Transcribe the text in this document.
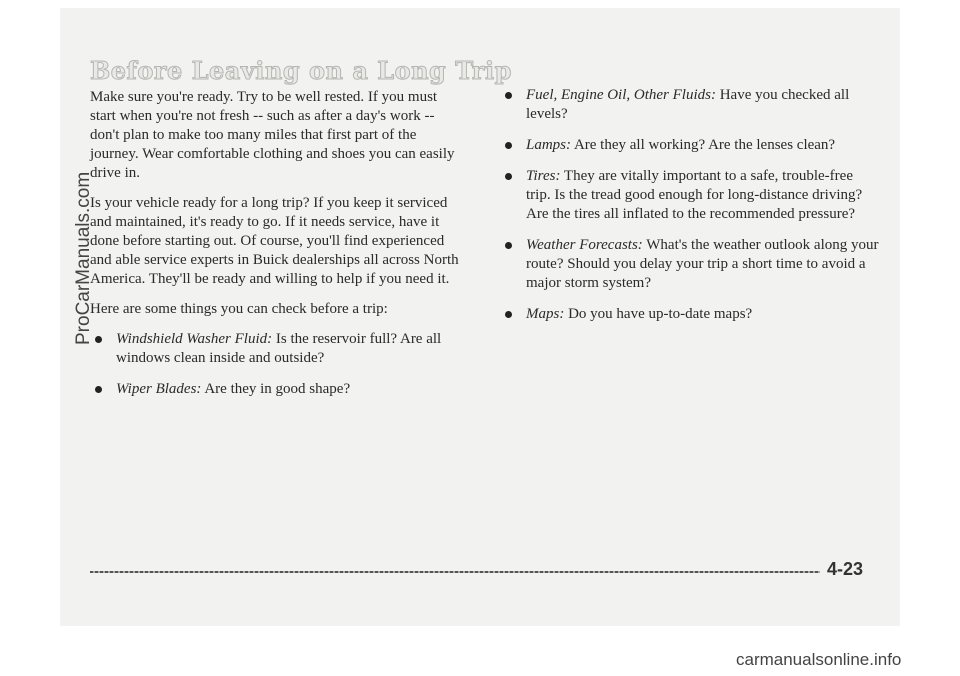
Before Leaving on a Long Trip

Make sure you're ready. Try to be well rested. If you must start when you're not fresh -- such as after a day's work -- don't plan to make too many miles that first part of the journey. Wear comfortable clothing and shoes you can easily drive in.

Is your vehicle ready for a long trip? If you keep it serviced and maintained, it's ready to go. If it needs service, have it done before starting out. Of course, you'll find experienced and able service experts in Buick dealerships all across North America. They'll be ready and willing to help if you need it.

Here are some things you can check before a trip:

Windshield Washer Fluid: Is the reservoir full? Are all windows clean inside and outside?
Wiper Blades: Are they in good shape?
Fuel, Engine Oil, Other Fluids: Have you checked all levels?
Lamps: Are they all working? Are the lenses clean?
Tires: They are vitally important to a safe, trouble-free trip. Is the tread good enough for long-distance driving? Are the tires all inflated to the recommended pressure?
Weather Forecasts: What's the weather outlook along your route? Should you delay your trip a short time to avoid a major storm system?
Maps: Do you have up-to-date maps?
4-23
ProCarManuals.com
carmanualsonline.info
